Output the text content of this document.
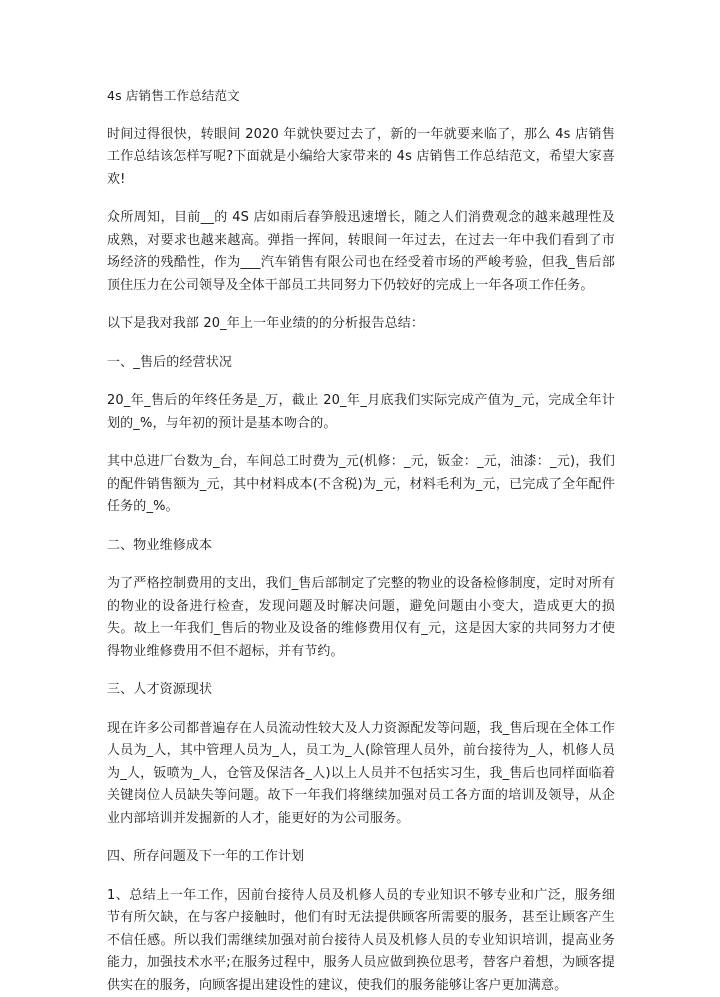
4s 店销售工作总结范文

时间过得很快，转眼间 2020 年就快要过去了，新的一年就要来临了，那么 4s 店销售工作总结该怎样写呢?下面就是小编给大家带来的 4s 店销售工作总结范文，希望大家喜欢!

众所周知，目前__的 4S 店如雨后春笋般迅速增长，随之人们消费观念的越来越理性及成熟，对要求也越来越高。弹指一挥间，转眼间一年过去，在过去一年中我们看到了市场经济的残酷性，作为___汽车销售有限公司也在经受着市场的严峻考验，但我_售后部顶住压力在公司领导及全体干部员工共同努力下仍较好的完成上一年各项工作任务。

以下是我对我部 20_年上一年业绩的的分析报告总结：

一、_售后的经营状况

20_年_售后的年终任务是_万，截止 20_年_月底我们实际完成产值为_元，完成全年计划的_%，与年初的预计是基本吻合的。

其中总进厂台数为_台，车间总工时费为_元(机修：_元，钣金：_元，油漆：_元)，我们的配件销售额为_元，其中材料成本(不含税)为_元，材料毛利为_元，已完成了全年配件任务的_%。

二、物业维修成本

为了严格控制费用的支出，我们_售后部制定了完整的物业的设备检修制度，定时对所有的物业的设备进行检查，发现问题及时解决问题，避免问题由小变大，造成更大的损失。故上一年我们_售后的物业及设备的维修费用仅有_元，这是因大家的共同努力才使得物业维修费用不但不超标，并有节约。

三、人才资源现状

现在许多公司都普遍存在人员流动性较大及人力资源配发等问题，我_售后现在全体工作人员为_人，其中管理人员为_人，员工为_人(除管理人员外，前台接待为_人，机修人员为_人，钣喷为_人，仓管及保洁各_人)以上人员并不包括实习生，我_售后也同样面临着关键岗位人员缺失等问题。故下一年我们将继续加强对员工各方面的培训及领导，从企业内部培训并发掘新的人才，能更好的为公司服务。

四、所存问题及下一年的工作计划

1、总结上一年工作，因前台接待人员及机修人员的专业知识不够专业和广泛，服务细节有所欠缺，在与客户接触时，他们有时无法提供顾客所需要的服务，甚至让顾客产生不信任感。所以我们需继续加强对前台接待人员及机修人员的专业知识培训，提高业务能力，加强技术水平;在服务过程中，服务人员应做到换位思考，替客户着想，为顾客提供实在的服务，向顾客提出建设性的建议，使我们的服务能够让客户更加满意。
